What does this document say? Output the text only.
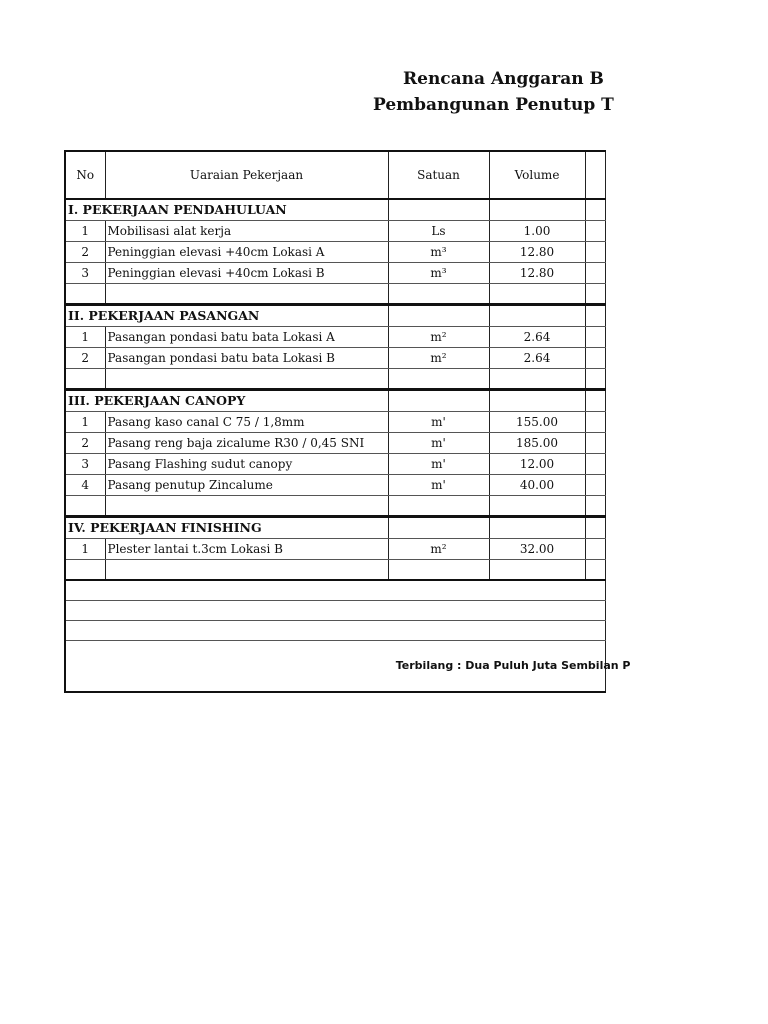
Rencana Anggaran B
Pembangunan Penutup T
No	Uaraian Pekerjaan	Satuan	Volume	
I. PEKERJAAN PENDAHULUAN				
1	Mobilisasi alat kerja	Ls	1.00	
2	Peninggian elevasi +40cm Lokasi A	m³	12.80	
3	Peninggian elevasi +40cm Lokasi B	m³	12.80	

II. PEKERJAAN PASANGAN				
1	Pasangan pondasi batu bata Lokasi A	m²	2.64	
2	Pasangan pondasi batu bata Lokasi B	m²	2.64	

III. PEKERJAAN CANOPY				
1	Pasang kaso canal C 75 / 1,8mm	m'	155.00	
2	Pasang reng baja zicalume R30 / 0,45 SNI	m'	185.00	
3	Pasang Flashing sudut canopy	m'	12.00	
4	Pasang penutup Zincalume	m'	40.00	

IV. PEKERJAAN FINISHING				
1	Plester lantai t.3cm Lokasi B	m²	32.00	

Terbilang : Dua Puluh Juta Sembilan P				
